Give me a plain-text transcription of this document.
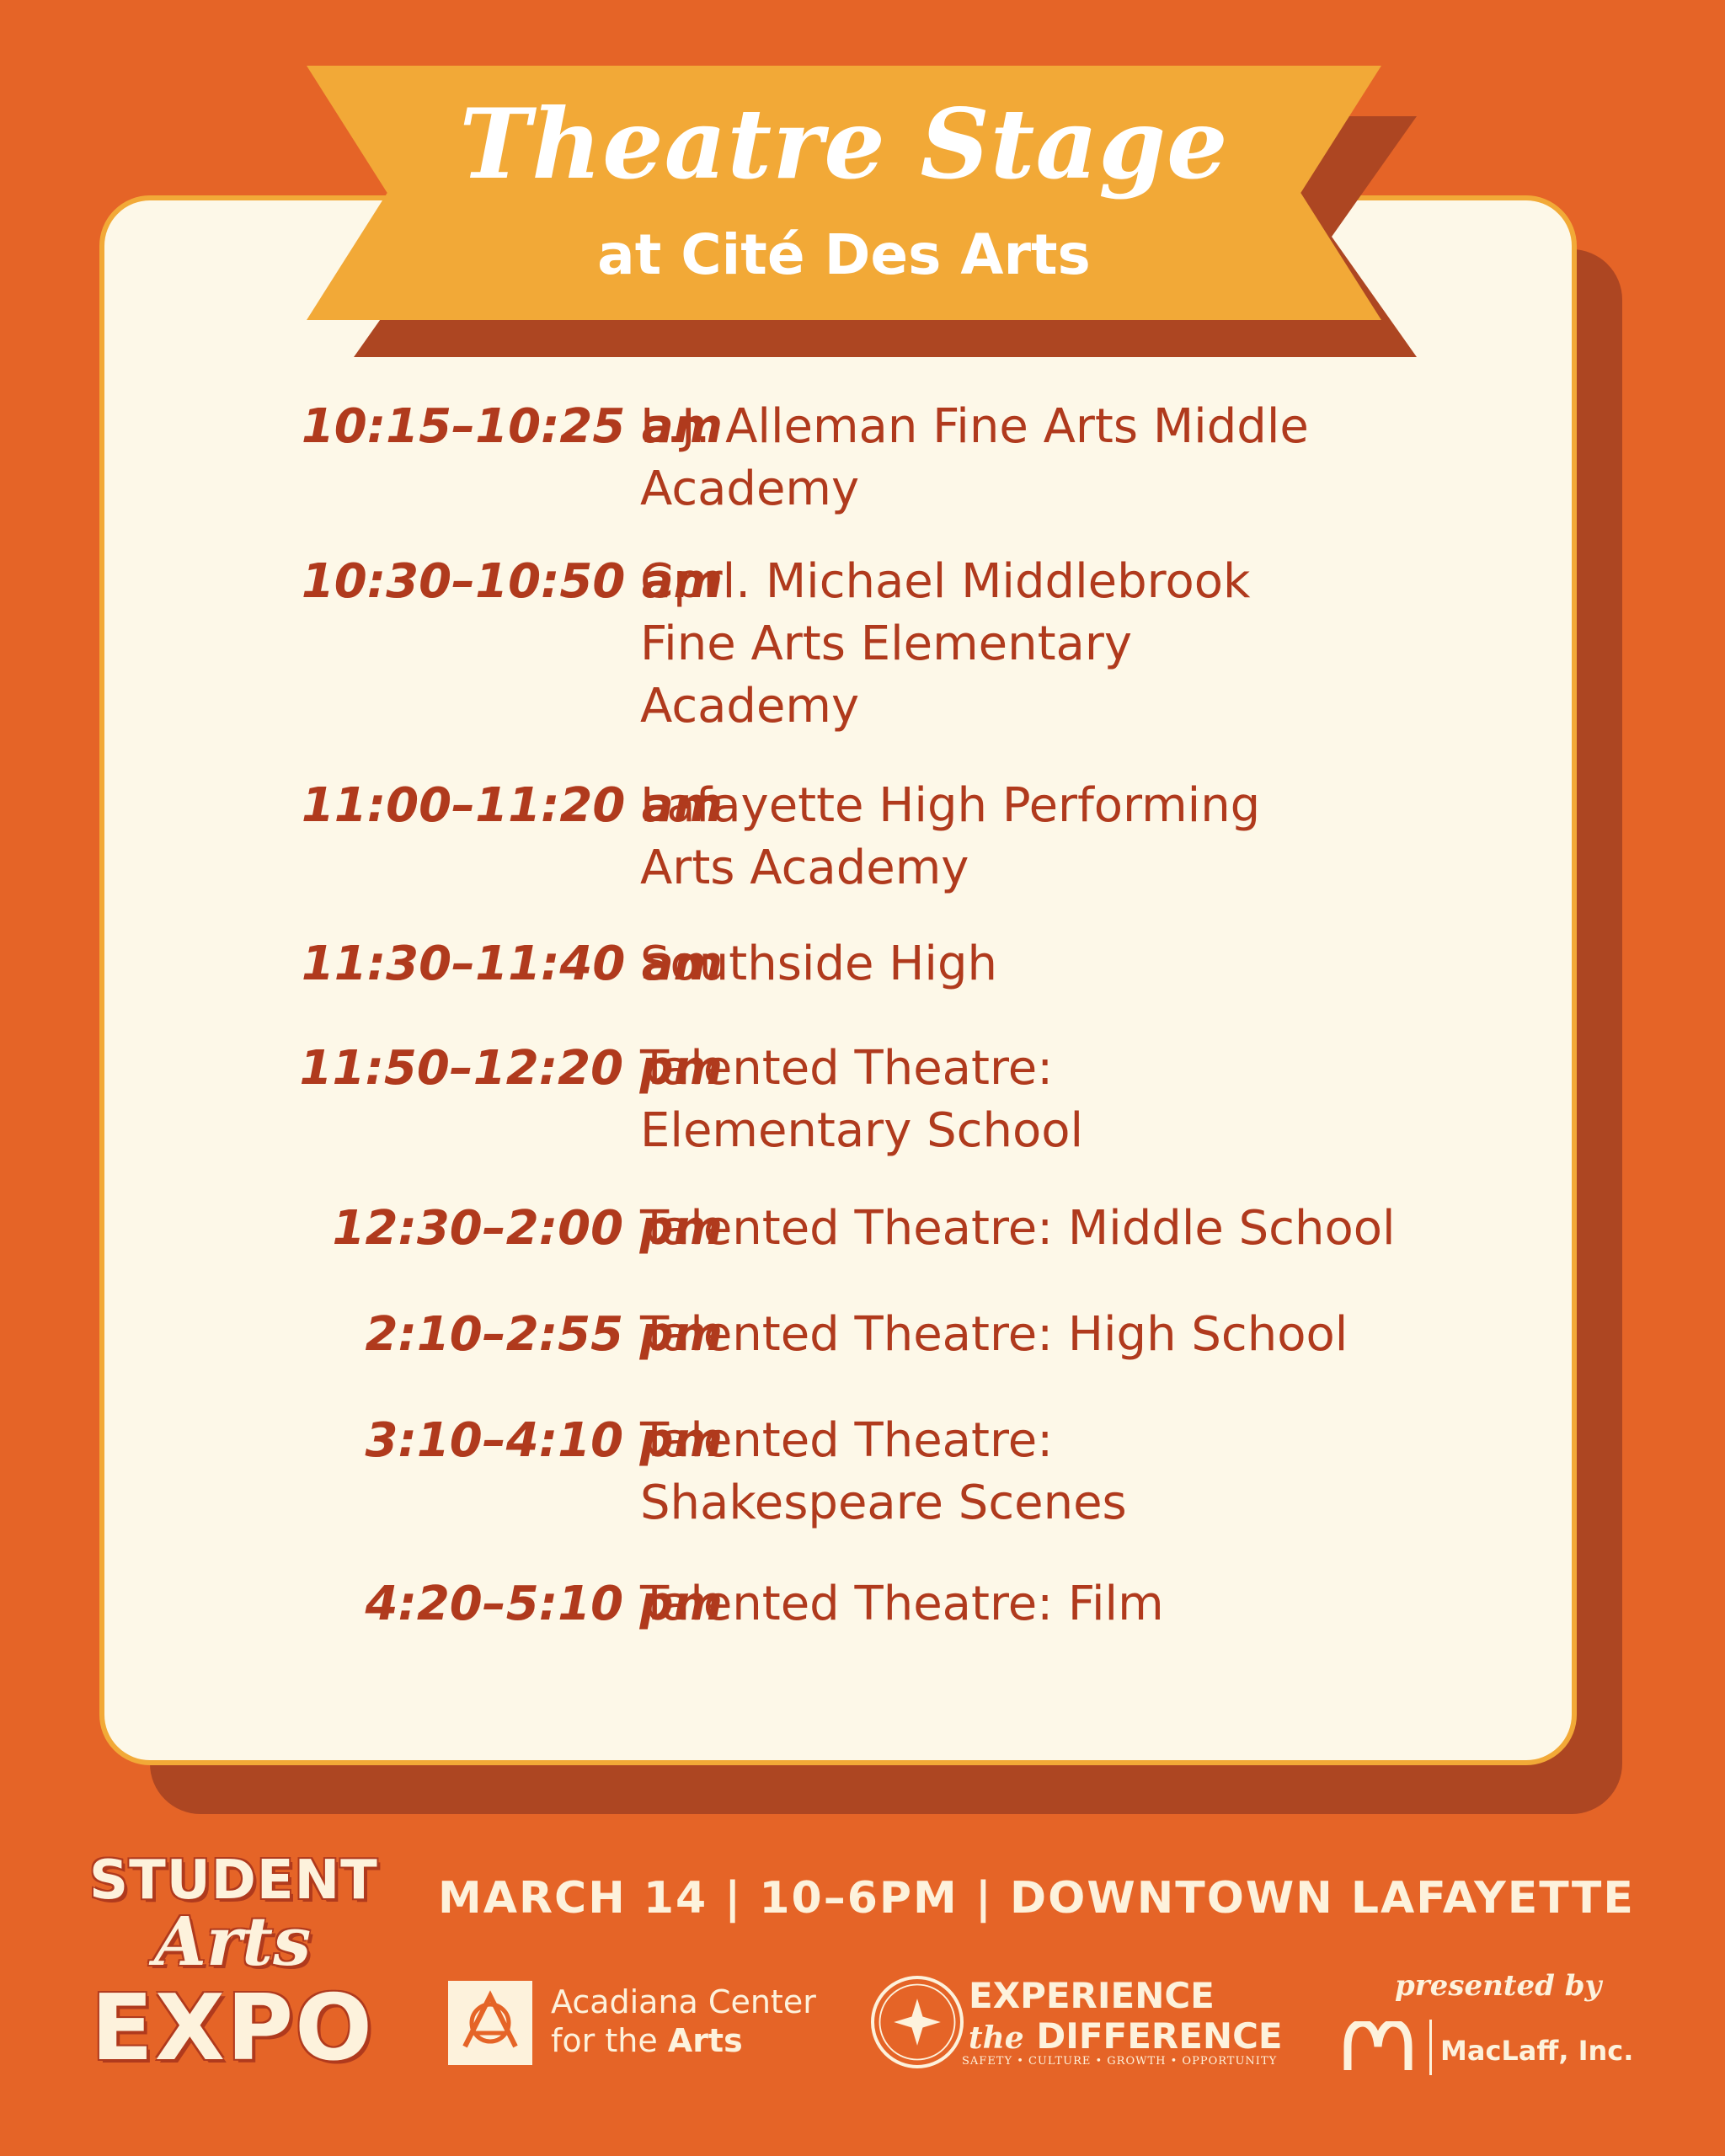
Theatre Stage
at Cité Des Arts
10:15–10:25 am
L.J. Alleman Fine Arts Middle
Academy
10:30–10:50 am
Cprl. Michael Middlebrook
Fine Arts Elementary
Academy
11:00–11:20 am
Lafayette High Performing
Arts Academy
11:30–11:40 am
Southside High
11:50–12:20 pm
Talented Theatre:
Elementary School
12:30–2:00 pm
Talented Theatre: Middle School
2:10–2:55 pm
Talented Theatre: High School
3:10–4:10 pm
Talented Theatre:
Shakespeare Scenes
4:20–5:10 pm
Talented Theatre: Film
STUDENT
Arts
EXPO
MARCH 14 | 10–6PM | DOWNTOWN LAFAYETTE
Acadiana Center
for the Arts
EXPERIENCE
the DIFFERENCE
SAFETY • CULTURE • GROWTH • OPPORTUNITY
presented by
MacLaff, Inc.
